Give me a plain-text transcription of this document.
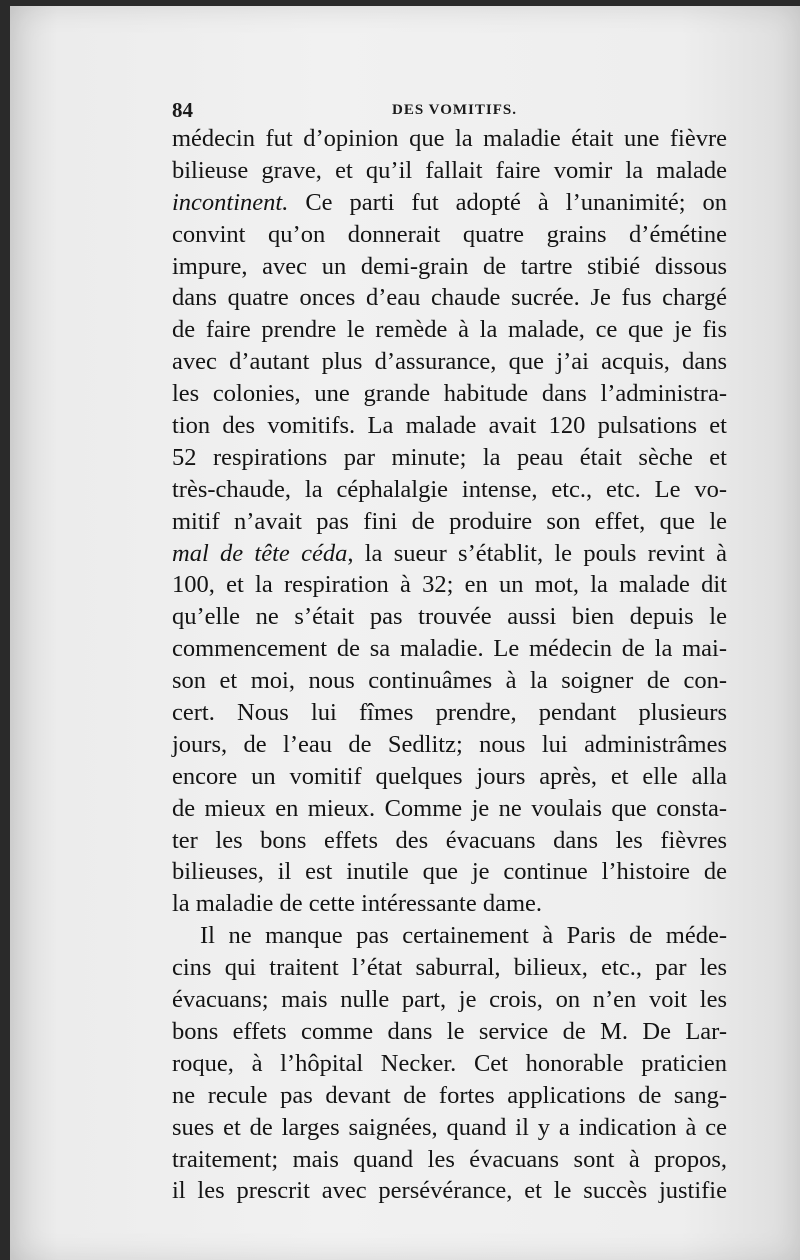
84	DES VOMITIFS.
médecin fut d’opinion que la maladie était une fièvre
bilieuse grave, et qu’il fallait faire vomir la malade
incontinent. Ce parti fut adopté à l’unanimité; on
convint qu’on donnerait quatre grains d’émétine
impure, avec un demi-grain de tartre stibié dissous
dans quatre onces d’eau chaude sucrée. Je fus chargé
de faire prendre le remède à la malade, ce que je fis
avec d’autant plus d’assurance, que j’ai acquis, dans
les colonies, une grande habitude dans l’administra-
tion des vomitifs. La malade avait 120 pulsations et
52 respirations par minute; la peau était sèche et
très-chaude, la céphalalgie intense, etc., etc. Le vo-
mitif n’avait pas fini de produire son effet, que le
mal de tête céda, la sueur s’établit, le pouls revint à
100, et la respiration à 32; en un mot, la malade dit
qu’elle ne s’était pas trouvée aussi bien depuis le
commencement de sa maladie. Le médecin de la mai-
son et moi, nous continuâmes à la soigner de con-
cert. Nous lui fîmes prendre, pendant plusieurs
jours, de l’eau de Sedlitz; nous lui administrâmes
encore un vomitif quelques jours après, et elle alla
de mieux en mieux. Comme je ne voulais que consta-
ter les bons effets des évacuans dans les fièvres
bilieuses, il est inutile que je continue l’histoire de
la maladie de cette intéressante dame.
Il ne manque pas certainement à Paris de méde-
cins qui traitent l’état saburral, bilieux, etc., par les
évacuans; mais nulle part, je crois, on n’en voit les
bons effets comme dans le service de M. De Lar-
roque, à l’hôpital Necker. Cet honorable praticien
ne recule pas devant de fortes applications de sang-
sues et de larges saignées, quand il y a indication à ce
traitement; mais quand les évacuans sont à propos,
il les prescrit avec persévérance, et le succès justifie
